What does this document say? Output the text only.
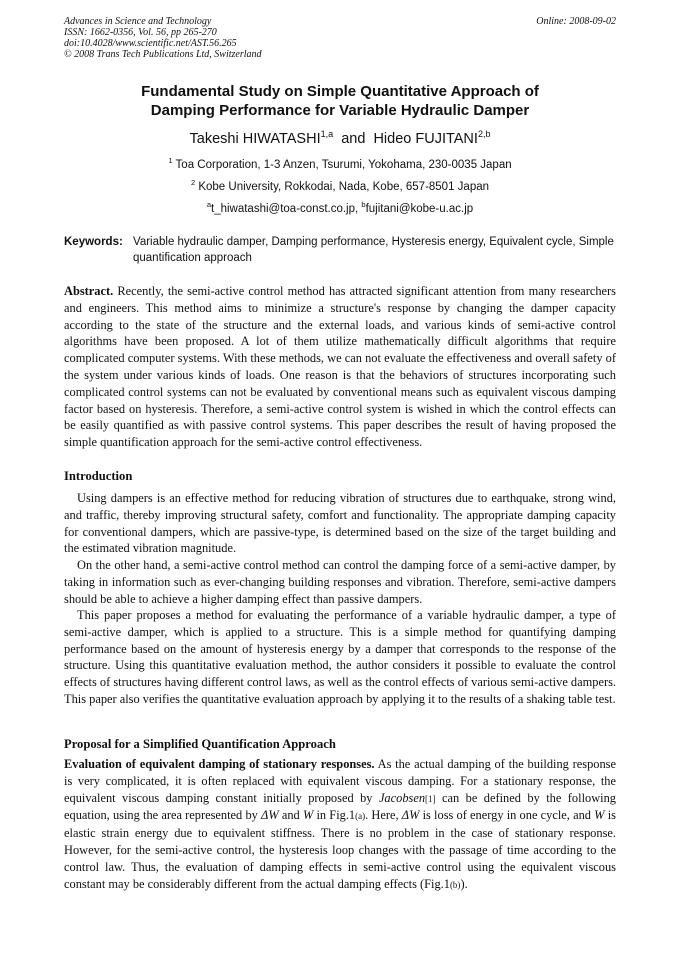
Advances in Science and Technology
ISSN: 1662-0356, Vol. 56, pp 265-270
doi:10.4028/www.scientific.net/AST.56.265
© 2008 Trans Tech Publications Ltd, Switzerland
Online: 2008-09-02
Fundamental Study on Simple Quantitative Approach of
Damping Performance for Variable Hydraulic Damper
Takeshi HIWATASHI$^{1,a}$ and Hideo FUJITANI$^{2,b}$
$^1$ Toa Corporation, 1-3 Anzen, Tsurumi, Yokohama, 230-0035 Japan
$^2$ Kobe University, Rokkodai, Nada, Kobe, 657-8501 Japan
$^a$t_hiwatashi@toa-const.co.jp, $^b$fujitani@kobe-u.ac.jp
Keywords: Variable hydraulic damper, Damping performance, Hysteresis energy, Equivalent cycle, Simple quantification approach

Abstract. Recently, the semi-active control method has attracted significant attention from many researchers and engineers. This method aims to minimize a structure's response by changing the damper capacity according to the state of the structure and the external loads, and various kinds of semi-active control algorithms have been proposed. A lot of them utilize mathematically difficult algorithms that require complicated computer systems. With these methods, we can not evaluate the effectiveness and overall safety of the system under various kinds of loads. One reason is that the behaviors of structures incorporating such complicated control systems can not be evaluated by conventional means such as equivalent viscous damping factor based on hysteresis. Therefore, a semi-active control system is wished in which the control effects can be easily quantified as with passive control systems. This paper describes the result of having proposed the simple quantification approach for the semi-active control effectiveness.

Introduction

Using dampers is an effective method for reducing vibration of structures due to earthquake, strong wind, and traffic, thereby improving structural safety, comfort and functionality. The appropriate damping capacity for conventional dampers, which are passive-type, is determined based on the size of the target building and the estimated vibration magnitude.

On the other hand, a semi-active control method can control the damping force of a semi-active damper, by taking in information such as ever-changing building responses and vibration. Therefore, semi-active dampers should be able to achieve a higher damping effect than passive dampers.

This paper proposes a method for evaluating the performance of a variable hydraulic damper, a type of semi-active damper, which is applied to a structure. This is a simple method for quantifying damping performance based on the amount of hysteresis energy by a damper that corresponds to the response of the structure. Using this quantitative evaluation method, the author considers it possible to evaluate the control effects of structures having different control laws, as well as the control effects of various semi-active dampers. This paper also verifies the quantitative evaluation approach by applying it to the results of a shaking table test.

Proposal for a Simplified Quantification Approach

Evaluation of equivalent damping of stationary responses. As the actual damping of the building response is very complicated, it is often replaced with equivalent viscous damping. For a stationary response, the equivalent viscous damping constant initially proposed by Jacobsen[1] can be defined by the following equation, using the area represented by ΔW and W in Fig.1(a). Here, ΔW is loss of energy in one cycle, and W is elastic strain energy due to equivalent stiffness. There is no problem in the case of stationary response. However, for the semi-active control, the hysteresis loop changes with the passage of time according to the control law. Thus, the evaluation of damping effects in semi-active control using the equivalent viscous constant may be considerably different from the actual damping effects (Fig.1(b)).
